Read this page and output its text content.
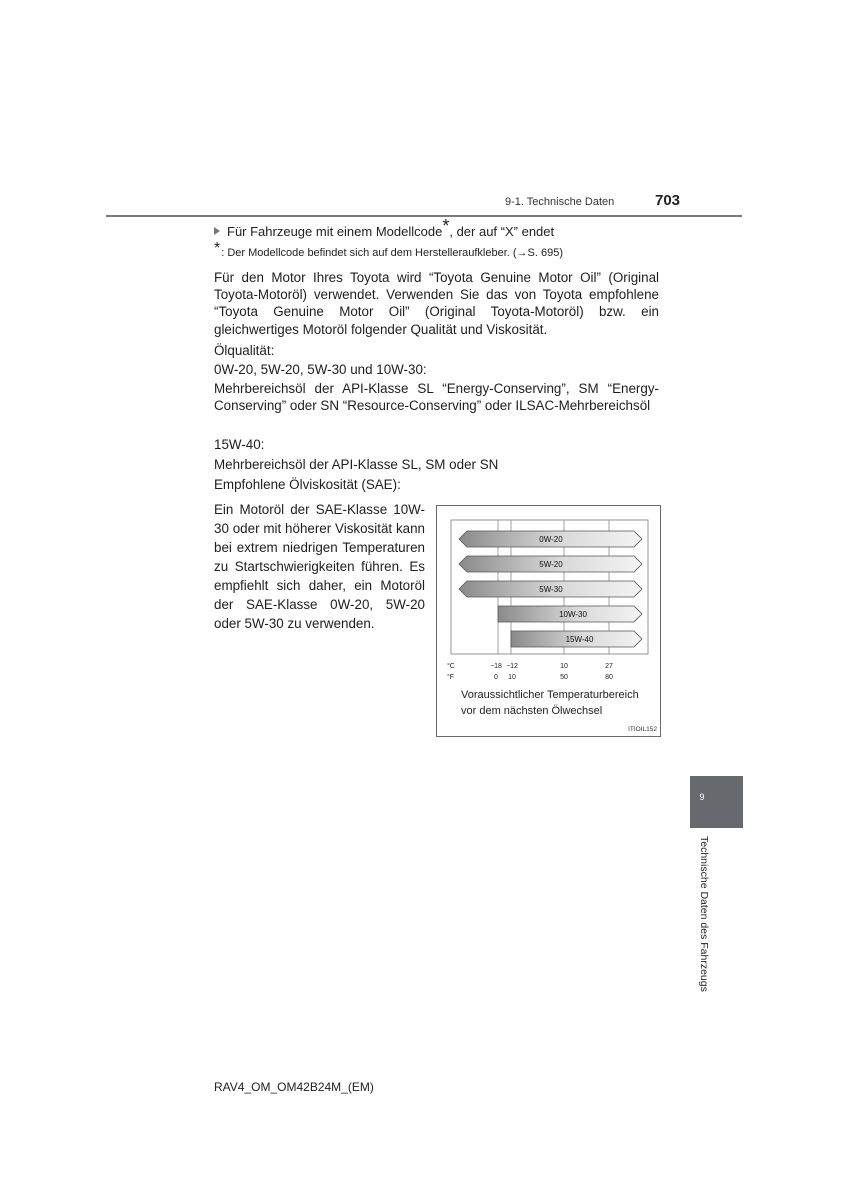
9-1. Technische Daten	703
Für Fahrzeuge mit einem Modellcode*, der auf “X” endet
*: Der Modellcode befindet sich auf dem Herstelleraufkleber. (→S. 695)
Für den Motor Ihres Toyota wird “Toyota Genuine Motor Oil” (Original Toyota-Motoröl) verwendet. Verwenden Sie das von Toyota empfohlene “Toyota Genuine Motor Oil” (Original Toyota-Motoröl) bzw. ein gleichwertiges Motoröl folgender Qualität und Viskosität.
Ölqualität:
0W-20, 5W-20, 5W-30 und 10W-30:
Mehrbereichsöl der API-Klasse SL “Energy-Conserving”, SM “Energy-Conserving” oder SN “Resource-Conserving” oder ILSAC-Mehrbereichsöl
15W-40:
Mehrbereichsöl der API-Klasse SL, SM oder SN
Empfohlene Ölviskosität (SAE):
Ein Motoröl der SAE-Klasse 10W-30 oder mit höherer Viskosität kann bei extrem niedrigen Temperaturen zu Startschwierigkeiten führen. Es empfiehlt sich daher, ein Motoröl der SAE-Klasse 0W-20, 5W-20 oder 5W-30 zu verwenden.
0W-20
5W-20
5W-30
10W-30
15W-40
°C
°F
−18 −12	10	27
0 10	50	80
Voraussichtlicher Temperaturbereich vor dem nächsten Ölwechsel
ITIOIL152
9
Technische Daten des Fahrzeugs
RAV4_OM_OM42B24M_(EM)
